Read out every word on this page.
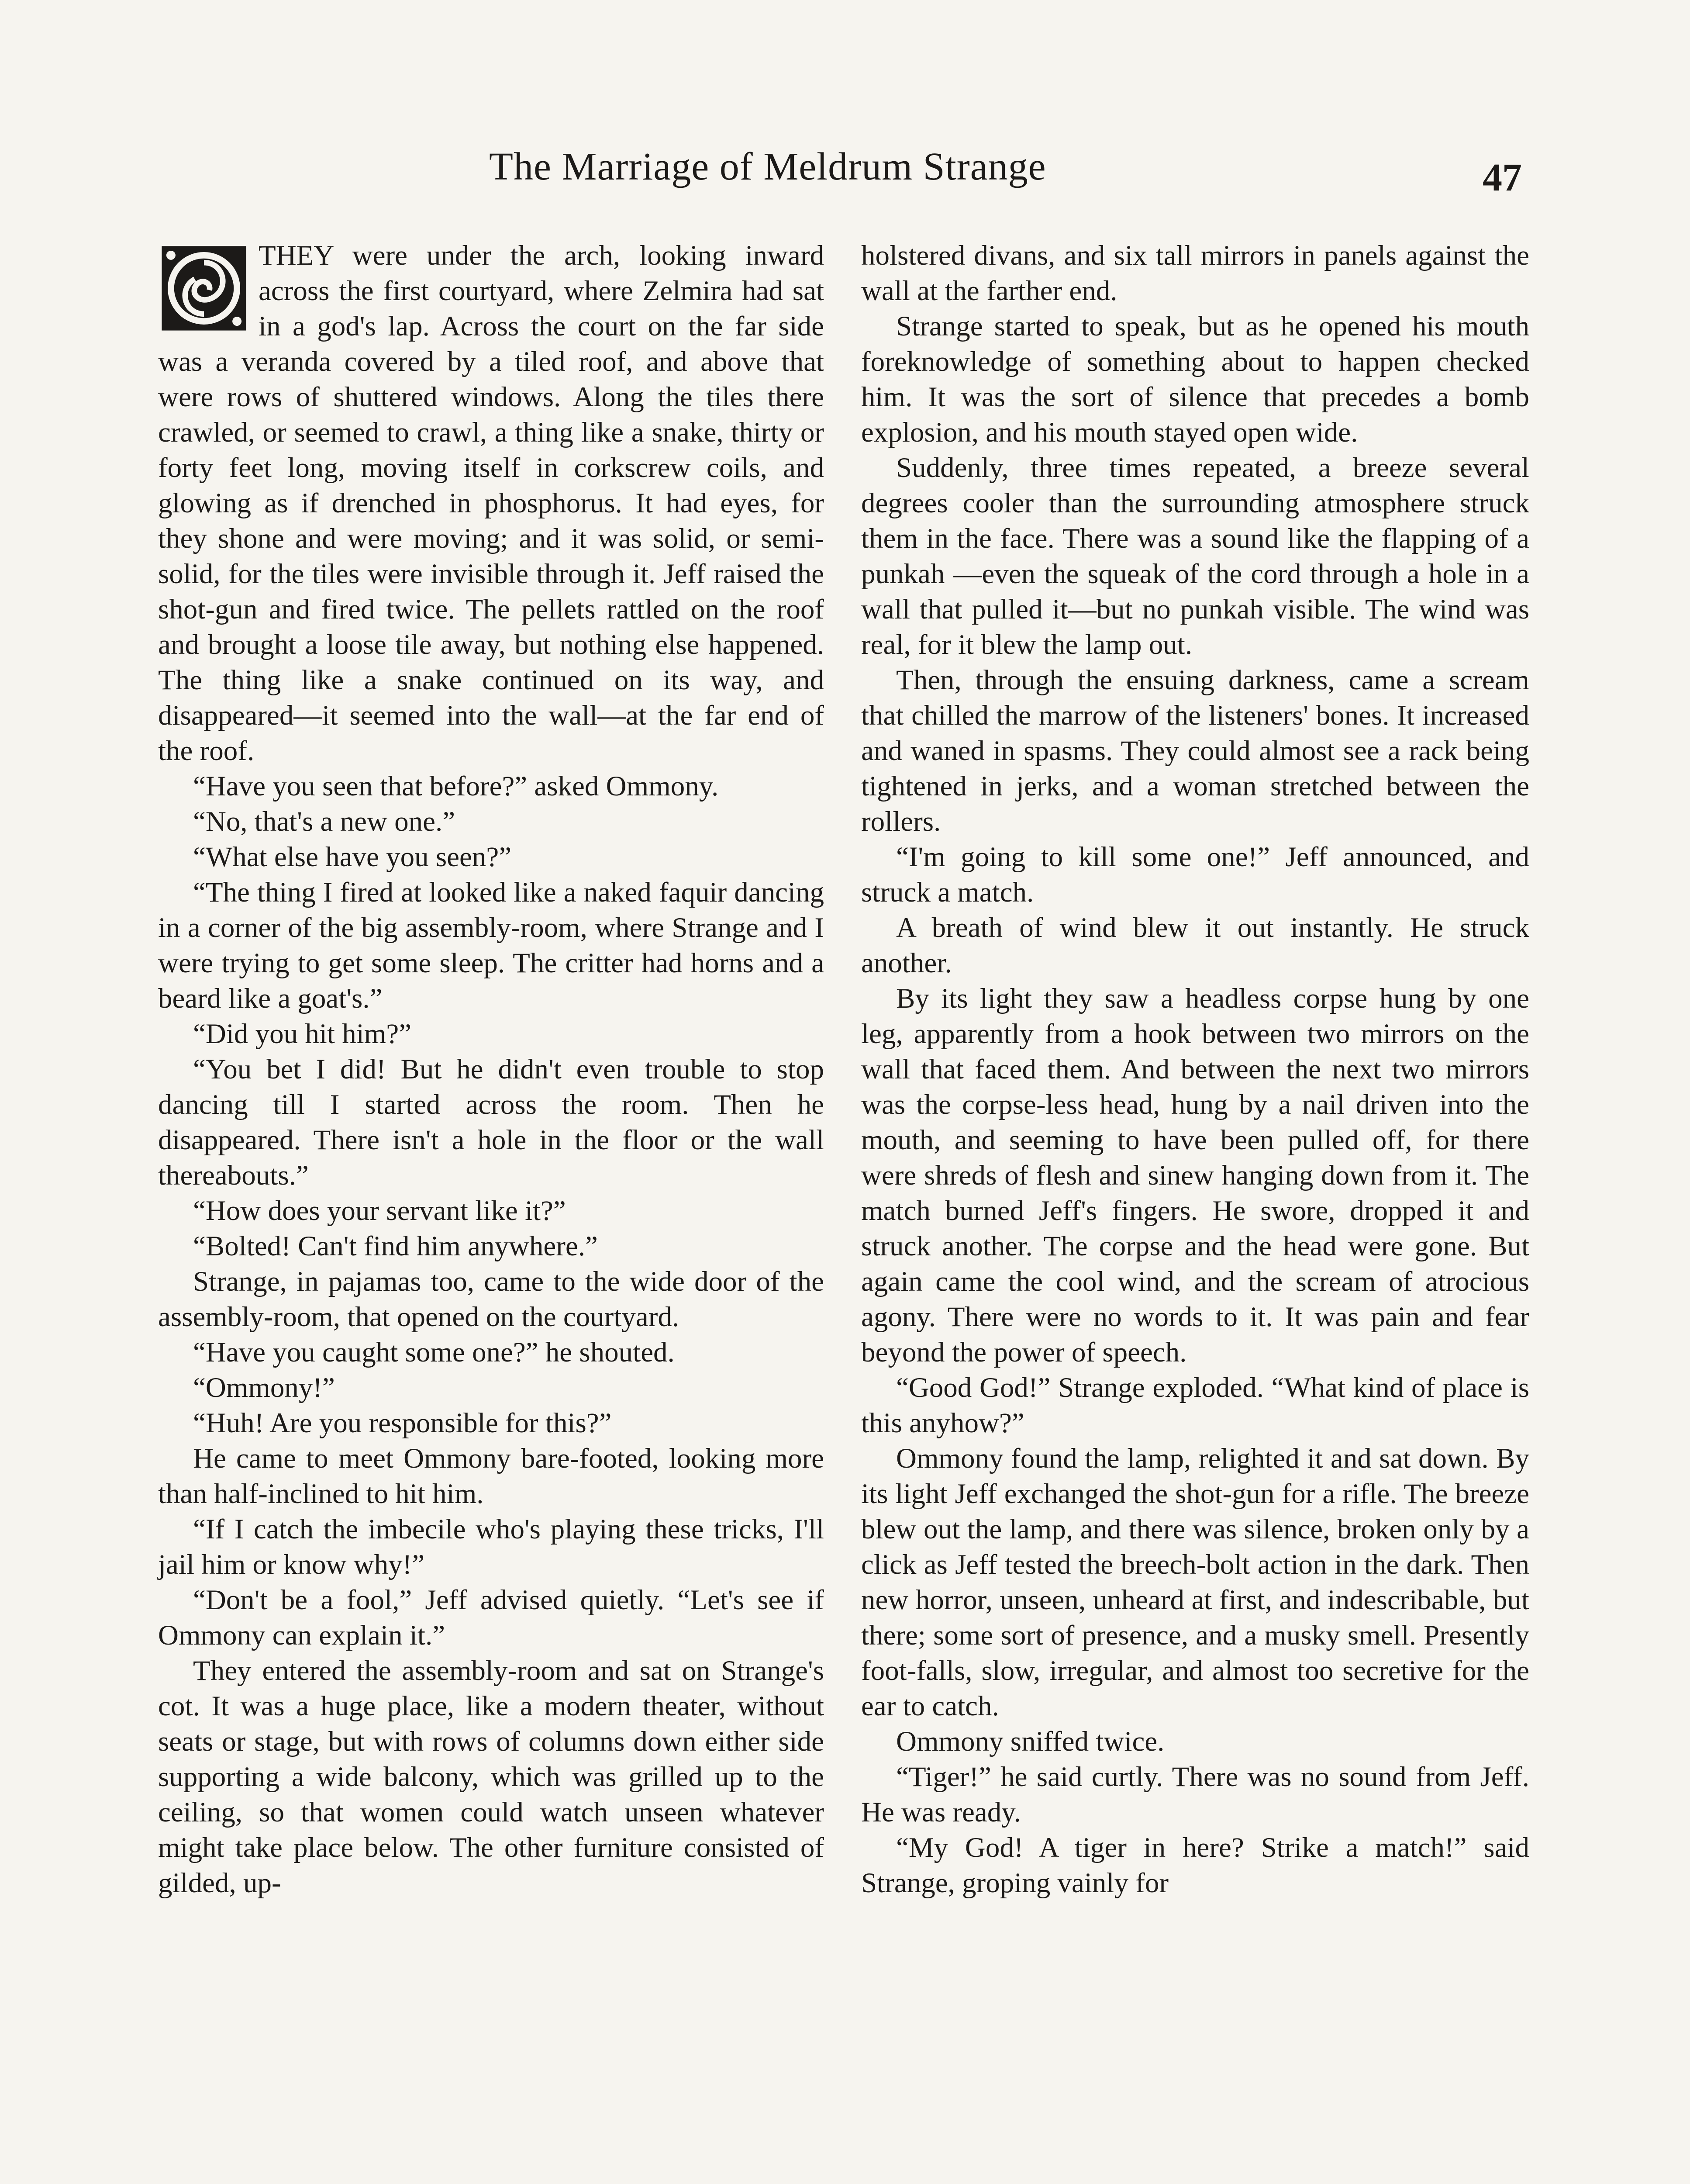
The Marriage of Meldrum Strange	47

THEY were under the arch, looking inward across the first courtyard, where Zelmira had sat in a god's lap. Across the court on the far side was a veranda covered by a tiled roof, and above that were rows of shuttered windows. Along the tiles there crawled, or seemed to crawl, a thing like a snake, thirty or forty feet long, moving itself in corkscrew coils, and glowing as if drenched in phosphorus. It had eyes, for they shone and were moving; and it was solid, or semi-solid, for the tiles were invisible through it. Jeff raised the shot-gun and fired twice. The pellets rattled on the roof and brought a loose tile away, but nothing else happened. The thing like a snake continued on its way, and disappeared—it seemed into the wall—at the far end of the roof.

“Have you seen that before?” asked Ommony.

“No, that's a new one.”

“What else have you seen?”

“The thing I fired at looked like a naked faquir dancing in a corner of the big assembly-room, where Strange and I were trying to get some sleep. The critter had horns and a beard like a goat's.”

“Did you hit him?”

“You bet I did! But he didn't even trouble to stop dancing till I started across the room. Then he disappeared. There isn't a hole in the floor or the wall thereabouts.”

“How does your servant like it?”

“Bolted! Can't find him anywhere.”

Strange, in pajamas too, came to the wide door of the assembly-room, that opened on the courtyard.

“Have you caught some one?” he shouted.

“Ommony!”

“Huh! Are you responsible for this?”

He came to meet Ommony bare-footed, looking more than half-inclined to hit him.

“If I catch the imbecile who's playing these tricks, I'll jail him or know why!”

“Don't be a fool,” Jeff advised quietly. “Let's see if Ommony can explain it.”

They entered the assembly-room and sat on Strange's cot. It was a huge place, like a modern theater, without seats or stage, but with rows of columns down either side supporting a wide balcony, which was grilled up to the ceiling, so that women could watch unseen whatever might take place below. The other furniture consisted of gilded, up-

holstered divans, and six tall mirrors in panels against the wall at the farther end.

Strange started to speak, but as he opened his mouth foreknowledge of something about to happen checked him. It was the sort of silence that precedes a bomb explosion, and his mouth stayed open wide.

Suddenly, three times repeated, a breeze several degrees cooler than the surrounding atmosphere struck them in the face. There was a sound like the flapping of a punkah —even the squeak of the cord through a hole in a wall that pulled it—but no punkah visible. The wind was real, for it blew the lamp out.

Then, through the ensuing darkness, came a scream that chilled the marrow of the listeners' bones. It increased and waned in spasms. They could almost see a rack being tightened in jerks, and a woman stretched between the rollers.

“I'm going to kill some one!” Jeff announced, and struck a match.

A breath of wind blew it out instantly. He struck another.

By its light they saw a headless corpse hung by one leg, apparently from a hook between two mirrors on the wall that faced them. And between the next two mirrors was the corpse-less head, hung by a nail driven into the mouth, and seeming to have been pulled off, for there were shreds of flesh and sinew hanging down from it. The match burned Jeff's fingers. He swore, dropped it and struck another. The corpse and the head were gone. But again came the cool wind, and the scream of atrocious agony. There were no words to it. It was pain and fear beyond the power of speech.

“Good God!” Strange exploded. “What kind of place is this anyhow?”

Ommony found the lamp, relighted it and sat down. By its light Jeff exchanged the shot-gun for a rifle. The breeze blew out the lamp, and there was silence, broken only by a click as Jeff tested the breech-bolt action in the dark. Then new horror, unseen, unheard at first, and indescribable, but there; some sort of presence, and a musky smell. Presently foot-falls, slow, irregular, and almost too secretive for the ear to catch.

Ommony sniffed twice.

“Tiger!” he said curtly. There was no sound from Jeff. He was ready.

“My God! A tiger in here? Strike a match!” said Strange, groping vainly for
